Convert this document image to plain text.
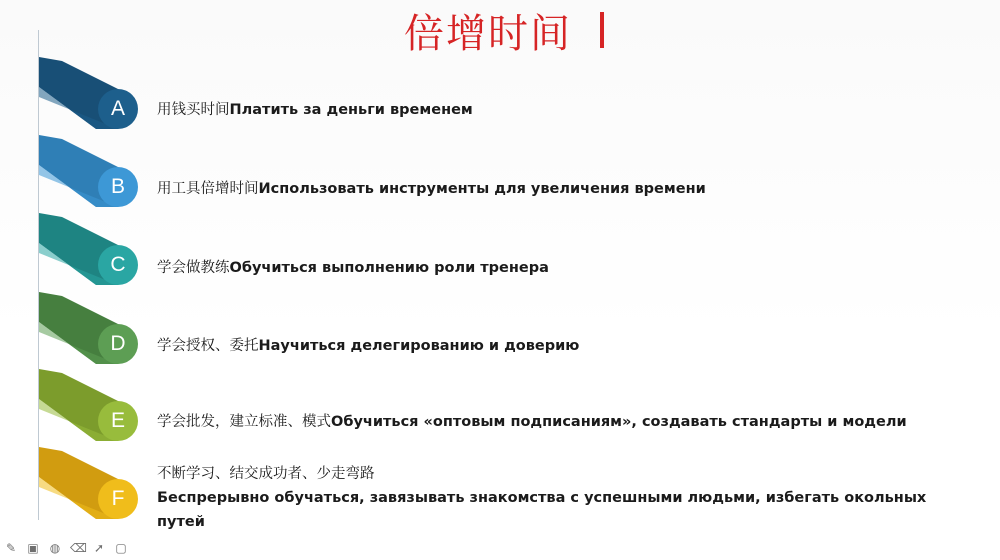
倍增时间
A
B
C
D
E
F
用钱买时间Платить за деньги временем
用工具倍增时间Использовать инструменты для увеличения времени
学会做教练Обучиться выполнению роли тренера
学会授权、委托Научиться делегированию и доверию
学会批发，建立标准、模式Обучиться «оптовым подписаниям», создавать стандарты и модели
不断学习、结交成功者、少走弯路
Беспрерывно обучаться, завязывать знакомства с успешными людьми, избегать окольных путей
✎ ▣ ◍ ⌫ ➚ ▢
